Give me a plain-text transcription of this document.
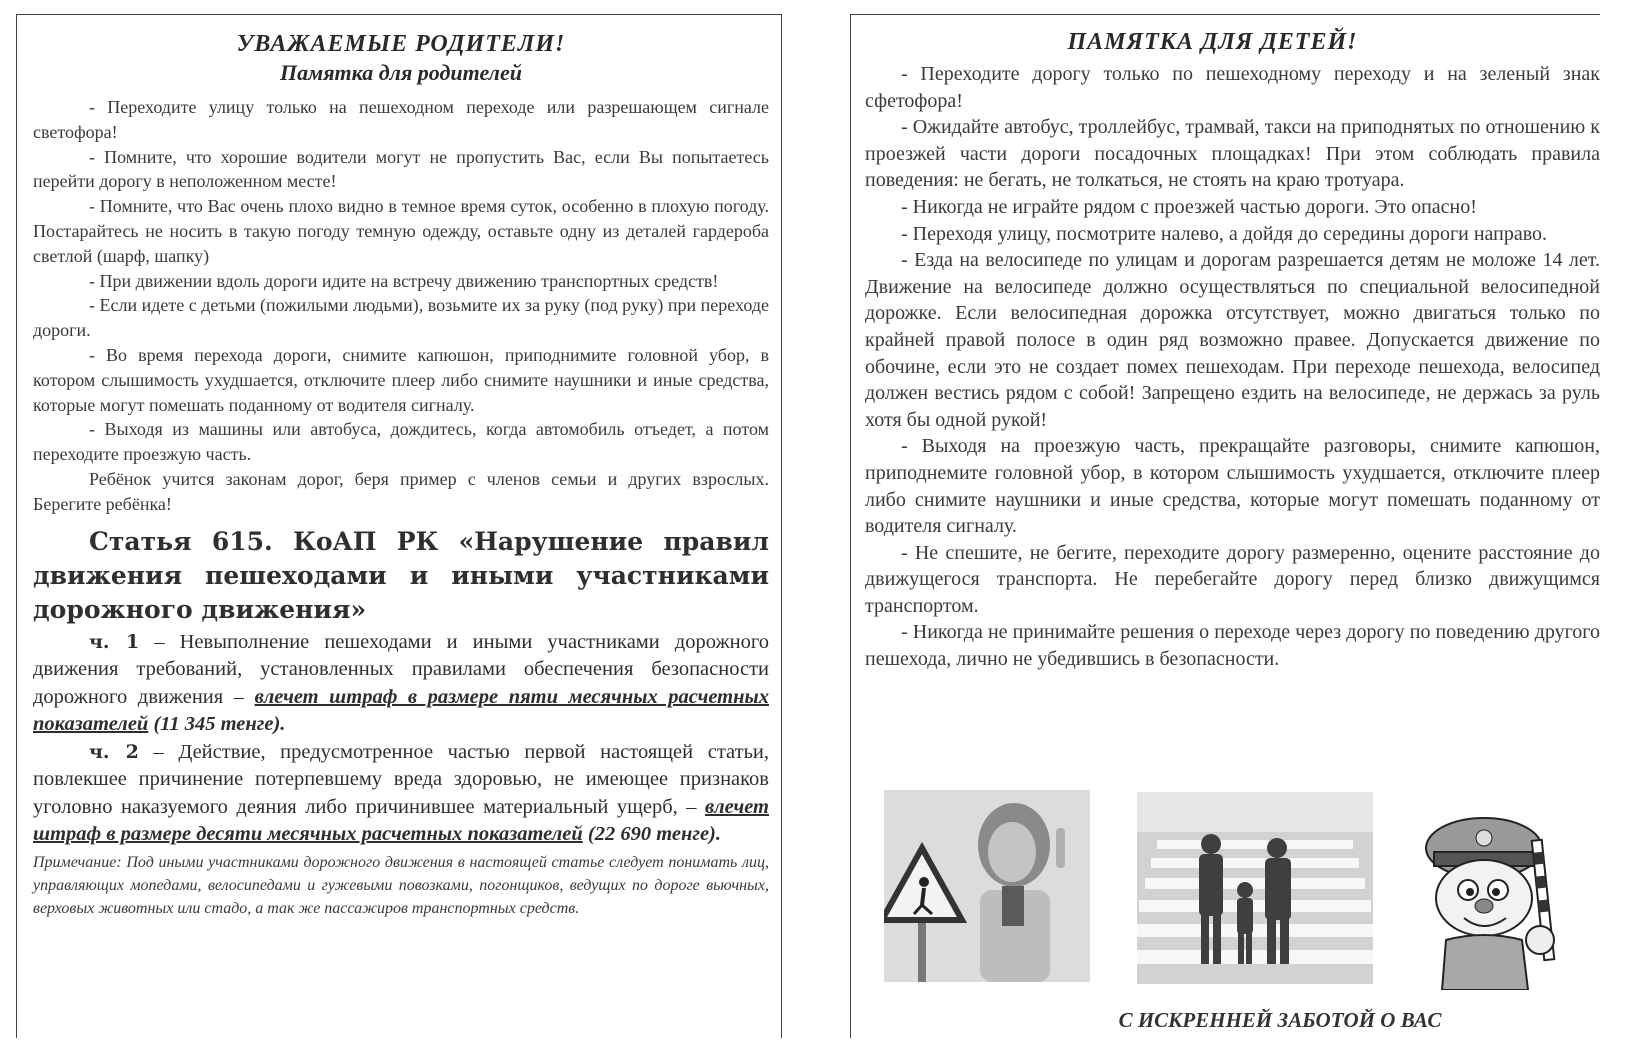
УВАЖАЕМЫЕ РОДИТЕЛИ!
Памятка для родителей

- Переходите улицу только на пешеходном переходе или разрешающем сигнале светофора!

- Помните, что хорошие водители могут не пропустить Вас, если Вы попытаетесь перейти дорогу в неположенном месте!

- Помните, что Вас очень плохо видно в темное время суток, особенно в плохую погоду. Постарайтесь не носить в такую погоду темную одежду, оставьте одну из деталей гардероба светлой (шарф, шапку)

- При движении вдоль дороги идите на встречу движению транспортных средств!

- Если идете с детьми (пожилыми людьми), возьмите их за руку (под руку) при переходе дороги.

- Во время перехода дороги, снимите капюшон, приподнимите головной убор, в котором слышимость ухудшается, отключите плеер либо снимите наушники и иные средства, которые могут помешать поданному от водителя сигналу.

- Выходя из машины или автобуса, дождитесь, когда автомобиль отъедет, а потом переходите проезжую часть.

Ребёнок учится законам дорог, беря пример с членов семьи и других взрослых. Берегите ребёнка!

Статья 615. КоАП РК «Нарушение правил движения пешеходами и иными участниками дорожного движения»

ч. 1 – Невыполнение пешеходами и иными участниками дорожного движения требований, установленных правилами обеспечения безопасности дорожного движения – влечет штраф в размере пяти месячных расчетных показателей (11 345 тенге).

ч. 2 – Действие, предусмотренное частью первой настоящей статьи, повлекшее причинение потерпевшему вреда здоровью, не имеющее признаков уголовно наказуемого деяния либо причинившее материальный ущерб, – влечет штраф в размере десяти месячных расчетных показателей (22 690 тенге).

Примечание: Под иными участниками дорожного движения в настоящей статье следует понимать лиц, управляющих мопедами, велосипедами и гужевыми повозками, погонщиков, ведущих по дороге вьючных, верховых животных или стадо, а так же пассажиров транспортных средств.

ПАМЯТКА ДЛЯ ДЕТЕЙ!

- Переходите дорогу только по пешеходному переходу и на зеленый знак сфетофора!

- Ожидайте автобус, троллейбус, трамвай, такси на приподнятых по отношению к проезжей части дороги посадочных площадках! При этом соблюдать правила поведения: не бегать, не толкаться, не стоять на краю тротуара.

- Никогда не играйте рядом с проезжей частью дороги. Это опасно!

- Переходя улицу, посмотрите налево, а дойдя до середины дороги направо.

- Езда на велосипеде по улицам и дорогам разрешается детям не моложе 14 лет. Движение на велосипеде должно осуществляться по специальной велосипедной дорожке. Если велосипедная дорожка отсутствует, можно двигаться только по крайней правой полосе в один ряд возможно правее. Допускается движение по обочине, если это не создает помех пешеходам. При переходе пешехода, велосипед должен вестись рядом с собой! Запрещено ездить на велосипеде, не держась за руль хотя бы одной рукой!

- Выходя на проезжую часть, прекращайте разговоры, снимите капюшон, приподнемите головной убор, в котором слышимость ухудшается, отключите плеер либо снимите наушники и иные средства, которые могут помешать поданному от водителя сигналу.

- Не спешите, не бегите, переходите дорогу размеренно, оцените расстояние до движущегося транспорта. Не перебегайте дорогу перед близко движущимся транспортом.

- Никогда не принимайте решения о переходе через дорогу по поведению другого пешехода, лично не убедившись в безопасности.

С ИСКРЕННЕЙ ЗАБОТОЙ О ВАС
